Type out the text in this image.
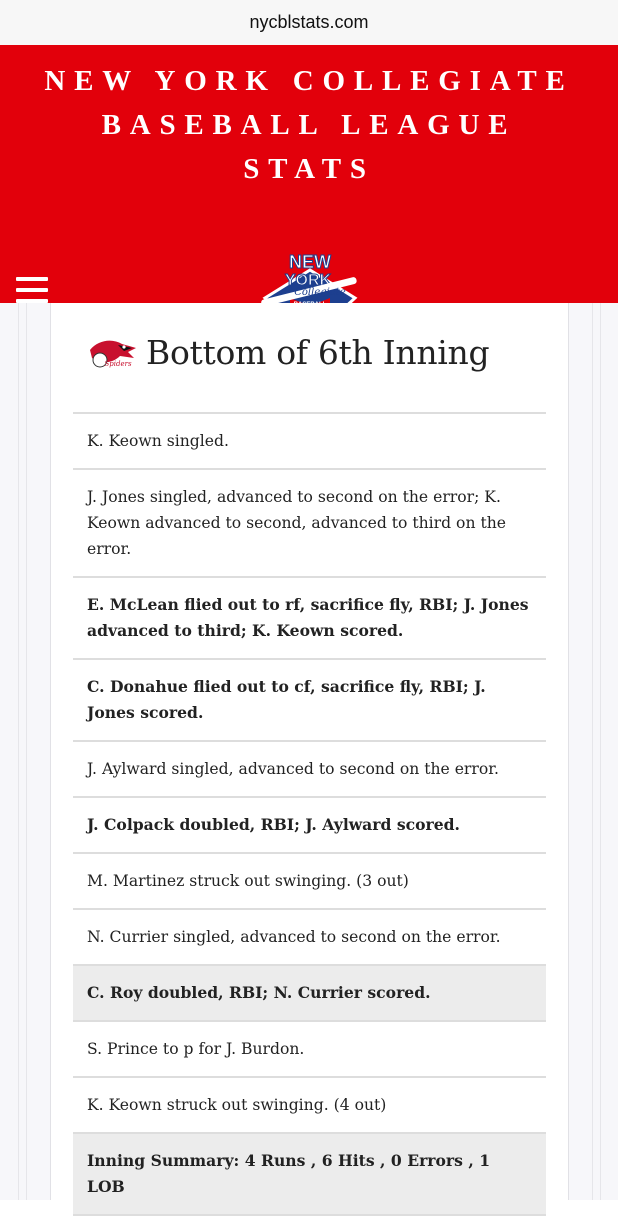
nycblstats.com
NEW YORK COLLEGIATE
BASEBALL LEAGUE
STATS
NEW
YORK
Collegiate
Spiders Bottom of 6th Inning
K. Keown singled.
J. Jones singled, advanced to second on the error; K. Keown advanced to second, advanced to third on the error.
E. McLean flied out to rf, sacrifice fly, RBI; J. Jones advanced to third; K. Keown scored.
C. Donahue flied out to cf, sacrifice fly, RBI; J. Jones scored.
J. Aylward singled, advanced to second on the error.
J. Colpack doubled, RBI; J. Aylward scored.
M. Martinez struck out swinging. (3 out)
N. Currier singled, advanced to second on the error.
C. Roy doubled, RBI; N. Currier scored.
S. Prince to p for J. Burdon.
K. Keown struck out swinging. (4 out)
Inning Summary: 4 Runs , 6 Hits , 0 Errors , 1 LOB
